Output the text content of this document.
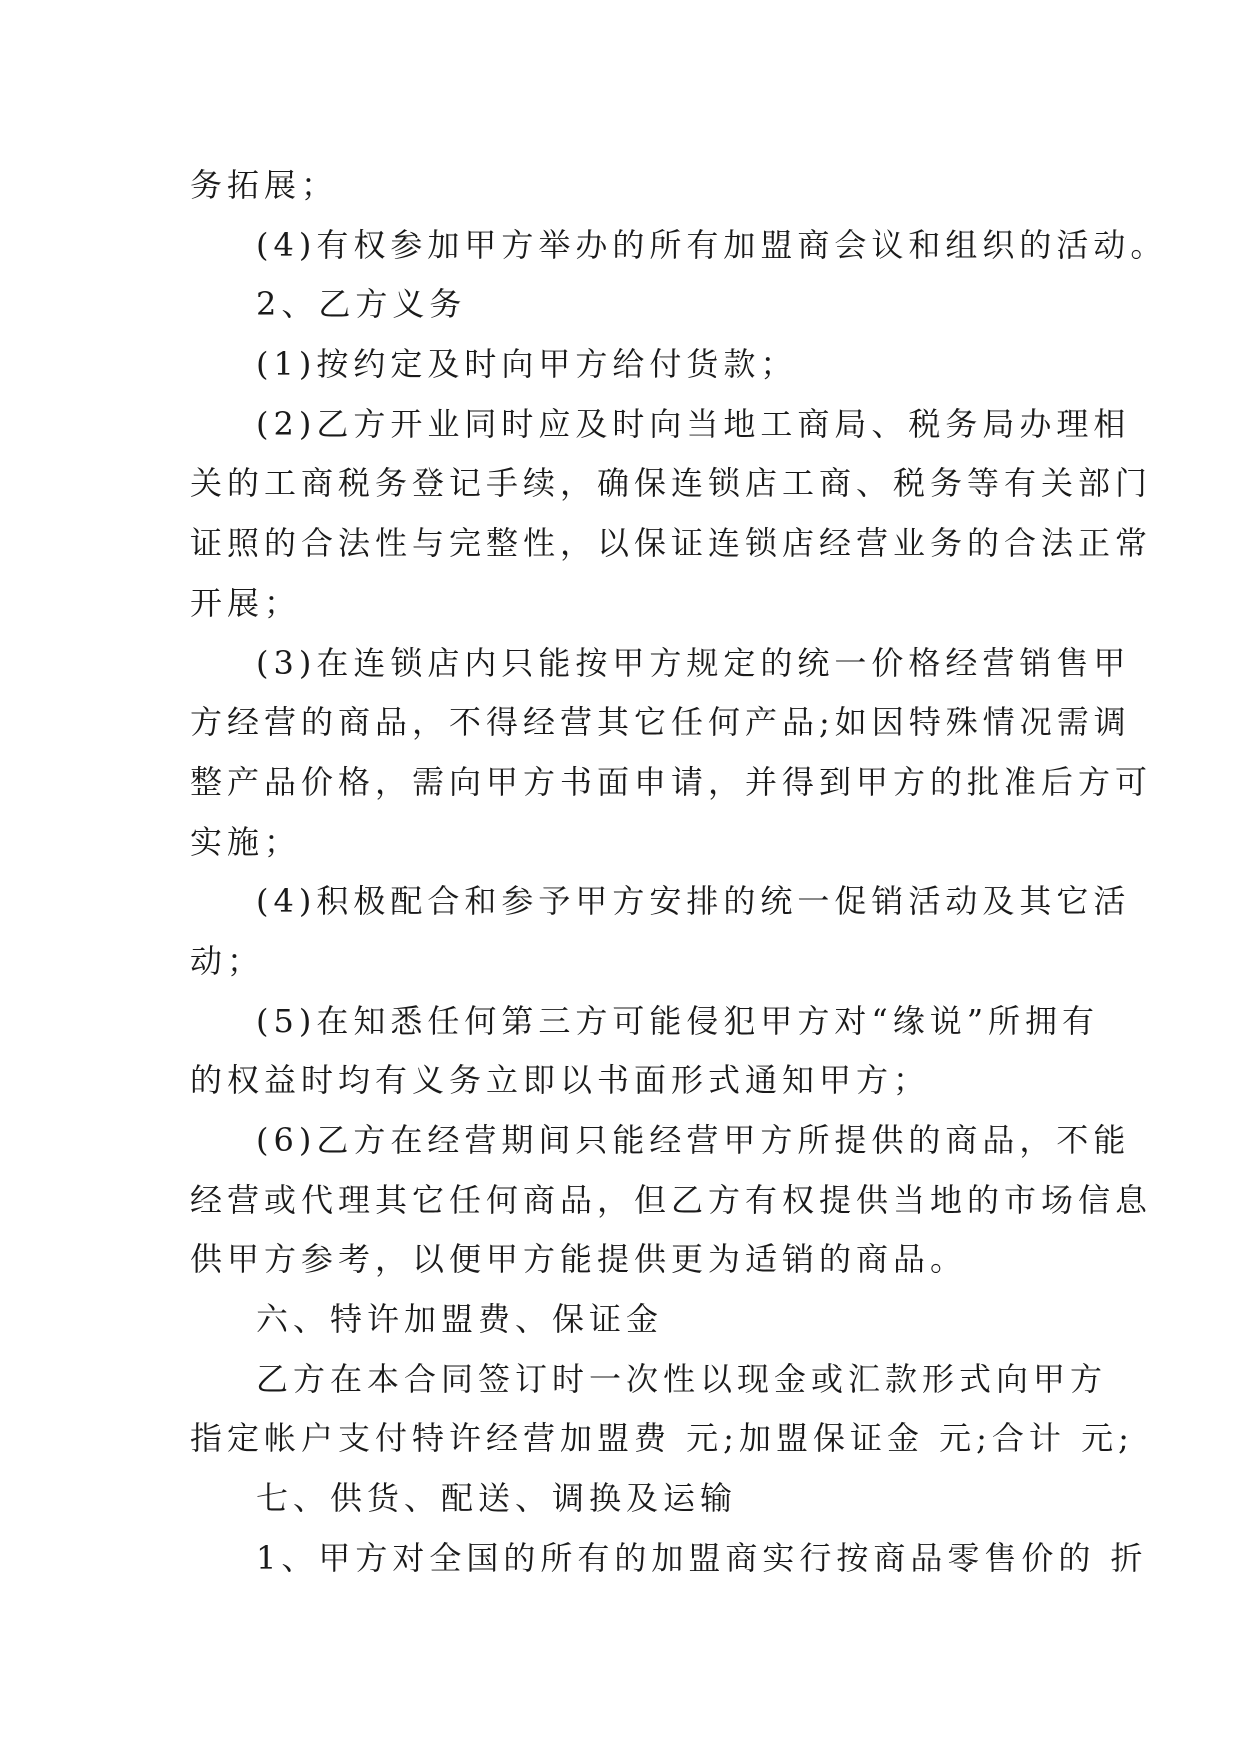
务拓展；
(4)有权参加甲方举办的所有加盟商会议和组织的活动。
2、乙方义务
(1)按约定及时向甲方给付货款；
(2)乙方开业同时应及时向当地工商局、税务局办理相
关的工商税务登记手续，确保连锁店工商、税务等有关部门
证照的合法性与完整性，以保证连锁店经营业务的合法正常
开展；
(3)在连锁店内只能按甲方规定的统一价格经营销售甲
方经营的商品，不得经营其它任何产品;如因特殊情况需调
整产品价格，需向甲方书面申请，并得到甲方的批准后方可
实施；
(4)积极配合和参予甲方安排的统一促销活动及其它活
动；
(5)在知悉任何第三方可能侵犯甲方对“缘说”所拥有
的权益时均有义务立即以书面形式通知甲方；
(6)乙方在经营期间只能经营甲方所提供的商品，不能
经营或代理其它任何商品，但乙方有权提供当地的市场信息
供甲方参考，以便甲方能提供更为适销的商品。
六、特许加盟费、保证金
乙方在本合同签订时一次性以现金或汇款形式向甲方
指定帐户支付特许经营加盟费 元;加盟保证金 元;合计 元;
七、供货、配送、调换及运输
1、甲方对全国的所有的加盟商实行按商品零售价的 折
